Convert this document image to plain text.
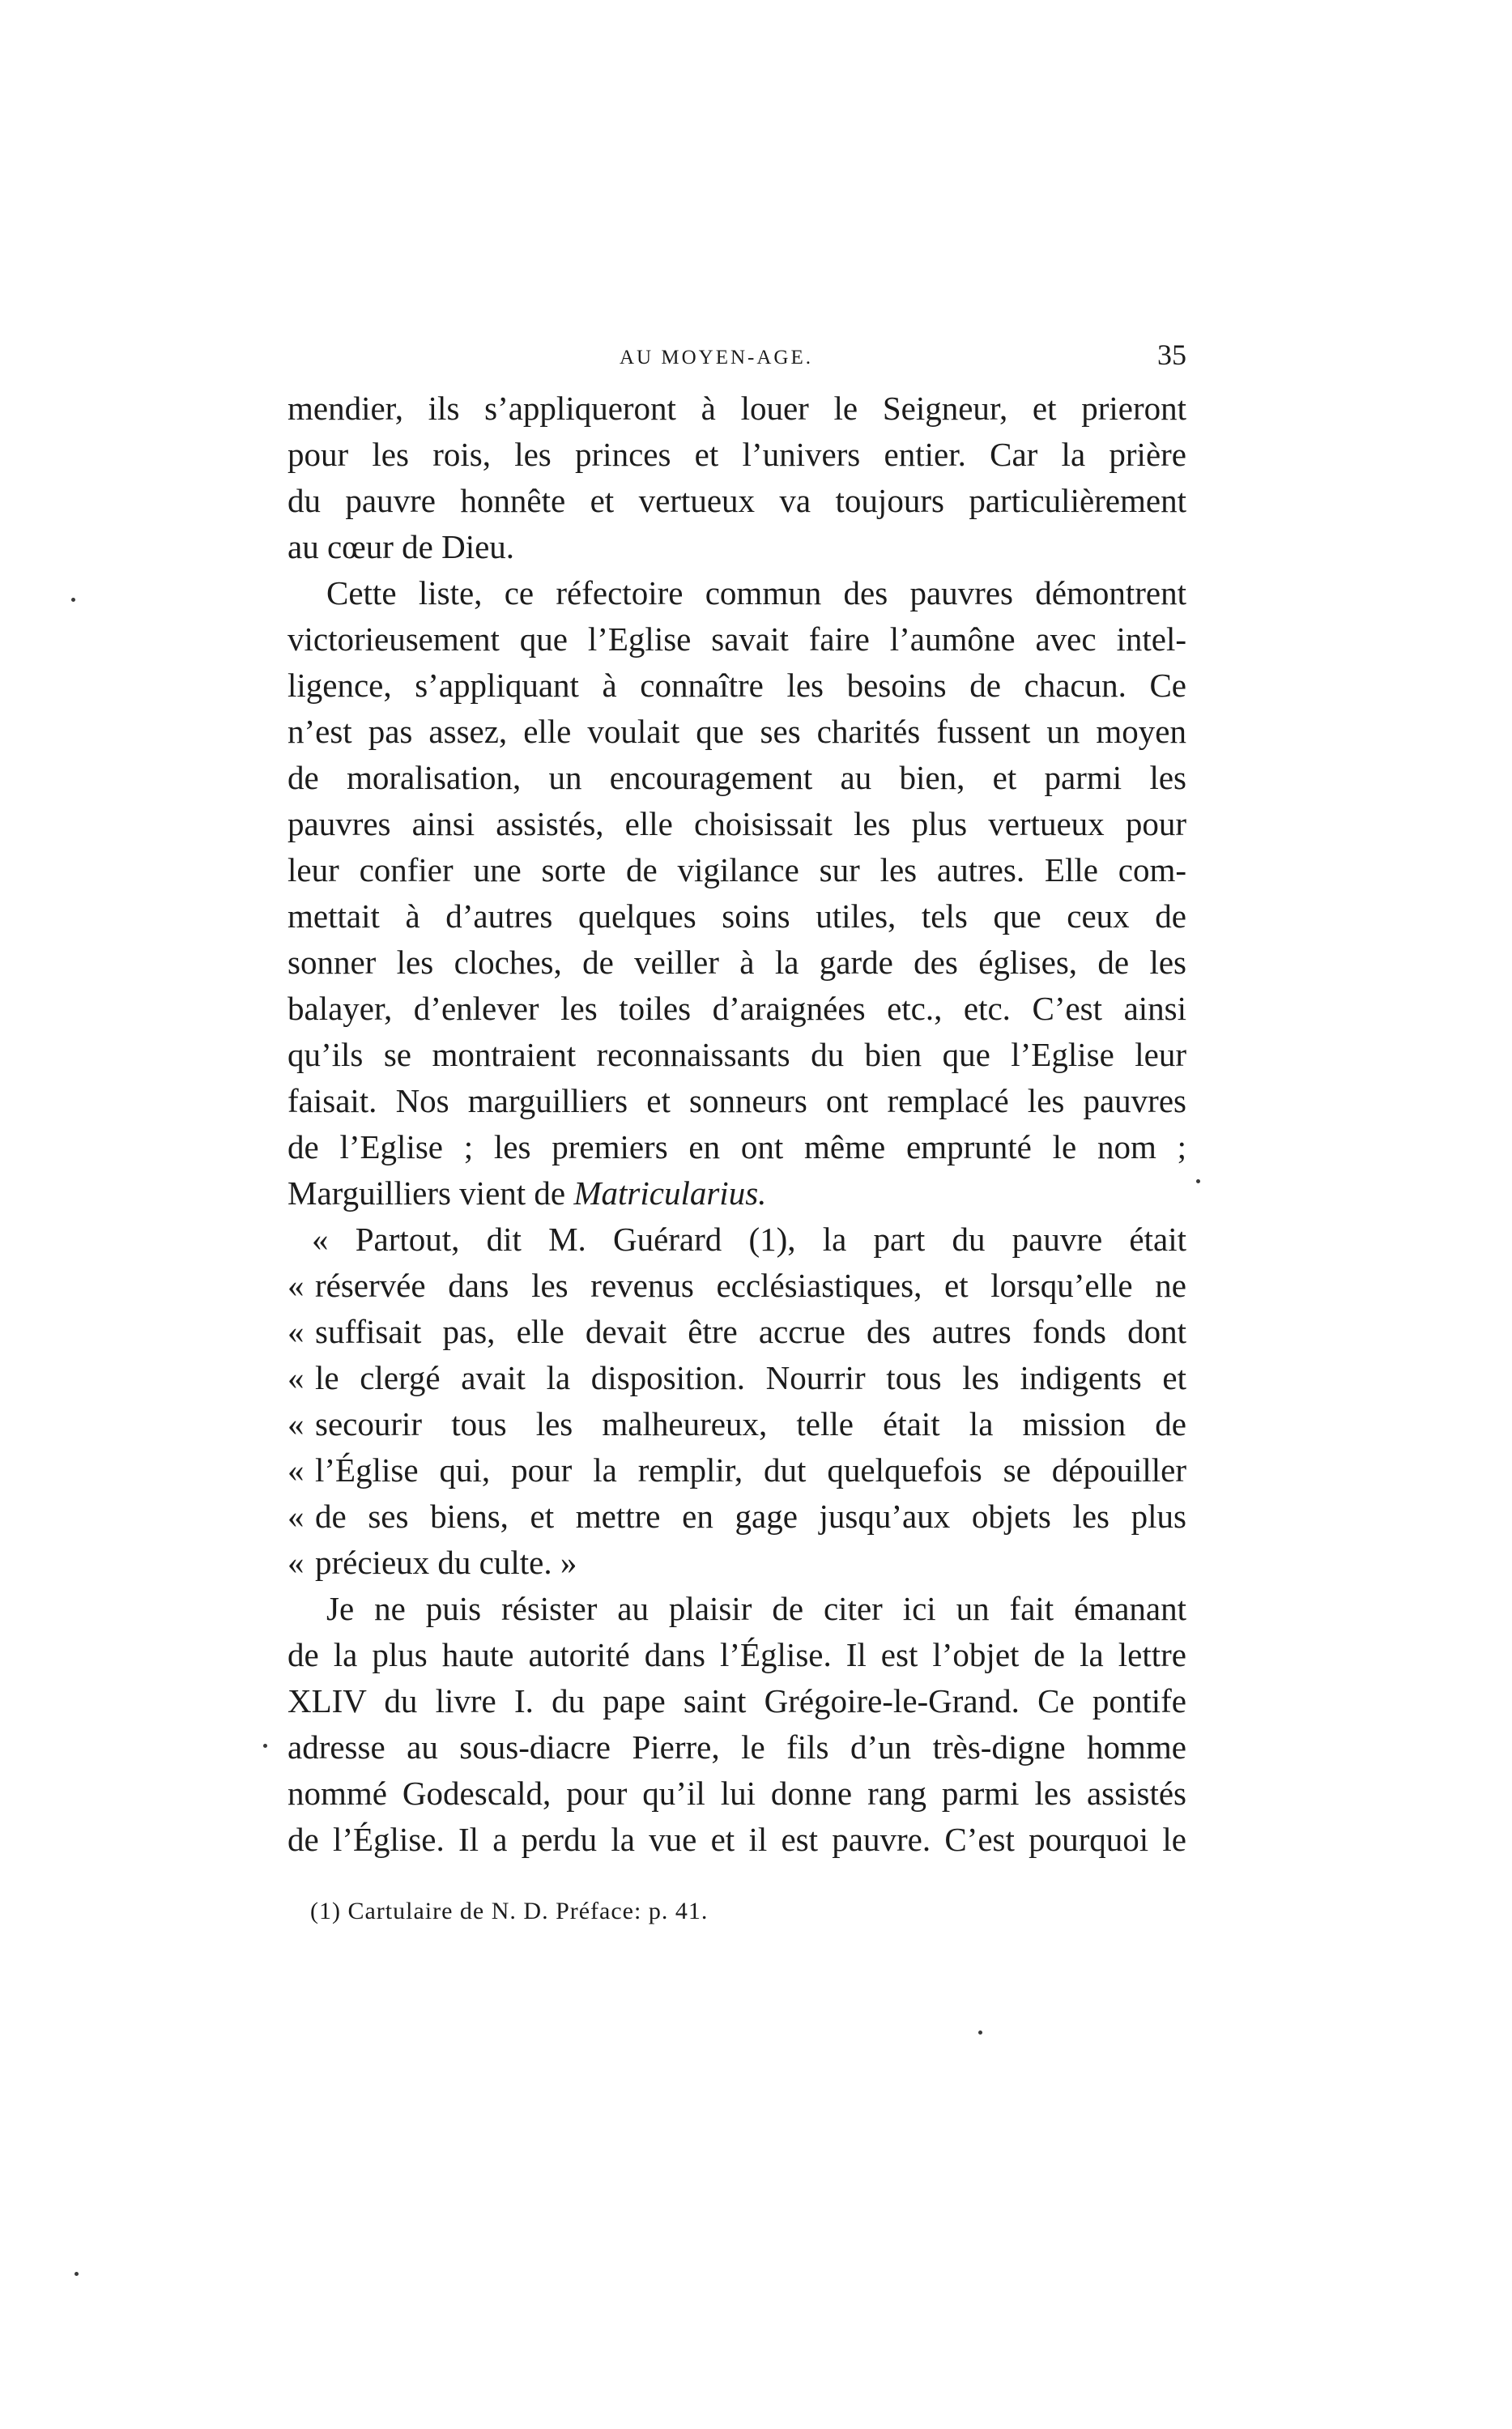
AU MOYEN-AGE.	35
mendier, ils s’appliqueront à louer le Seigneur, et prieront
pour les rois, les princes et l’univers entier. Car la prière
du pauvre honnête et vertueux va toujours particulièrement
au cœur de Dieu.
Cette liste, ce réfectoire commun des pauvres démontrent
victorieusement que l’Eglise savait faire l’aumône avec intel-
ligence, s’appliquant à connaître les besoins de chacun. Ce
n’est pas assez, elle voulait que ses charités fussent un moyen
de moralisation, un encouragement au bien, et parmi les
pauvres ainsi assistés, elle choisissait les plus vertueux pour
leur confier une sorte de vigilance sur les autres. Elle com-
mettait à d’autres quelques soins utiles, tels que ceux de
sonner les cloches, de veiller à la garde des églises, de les
balayer, d’enlever les toiles d’araignées etc., etc. C’est ainsi
qu’ils se montraient reconnaissants du bien que l’Eglise leur
faisait. Nos marguilliers et sonneurs ont remplacé les pauvres
de l’Eglise ; les premiers en ont même emprunté le nom ;
Marguilliers vient de Matricularius.
« Partout, dit M. Guérard (1), la part du pauvre était
« réservée dans les revenus ecclésiastiques, et lorsqu’elle ne
« suffisait pas, elle devait être accrue des autres fonds dont
« le clergé avait la disposition. Nourrir tous les indigents et
« secourir tous les malheureux, telle était la mission de
« l’Église qui, pour la remplir, dut quelquefois se dépouiller
« de ses biens, et mettre en gage jusqu’aux objets les plus
« précieux du culte. »
Je ne puis résister au plaisir de citer ici un fait émanant
de la plus haute autorité dans l’Église. Il est l’objet de la lettre
XLIV du livre I. du pape saint Grégoire-le-Grand. Ce pontife
adresse au sous-diacre Pierre, le fils d’un très-digne homme
nommé Godescald, pour qu’il lui donne rang parmi les assistés
de l’Église. Il a perdu la vue et il est pauvre. C’est pourquoi le
(1) Cartulaire de N. D. Préface: p. 41.
